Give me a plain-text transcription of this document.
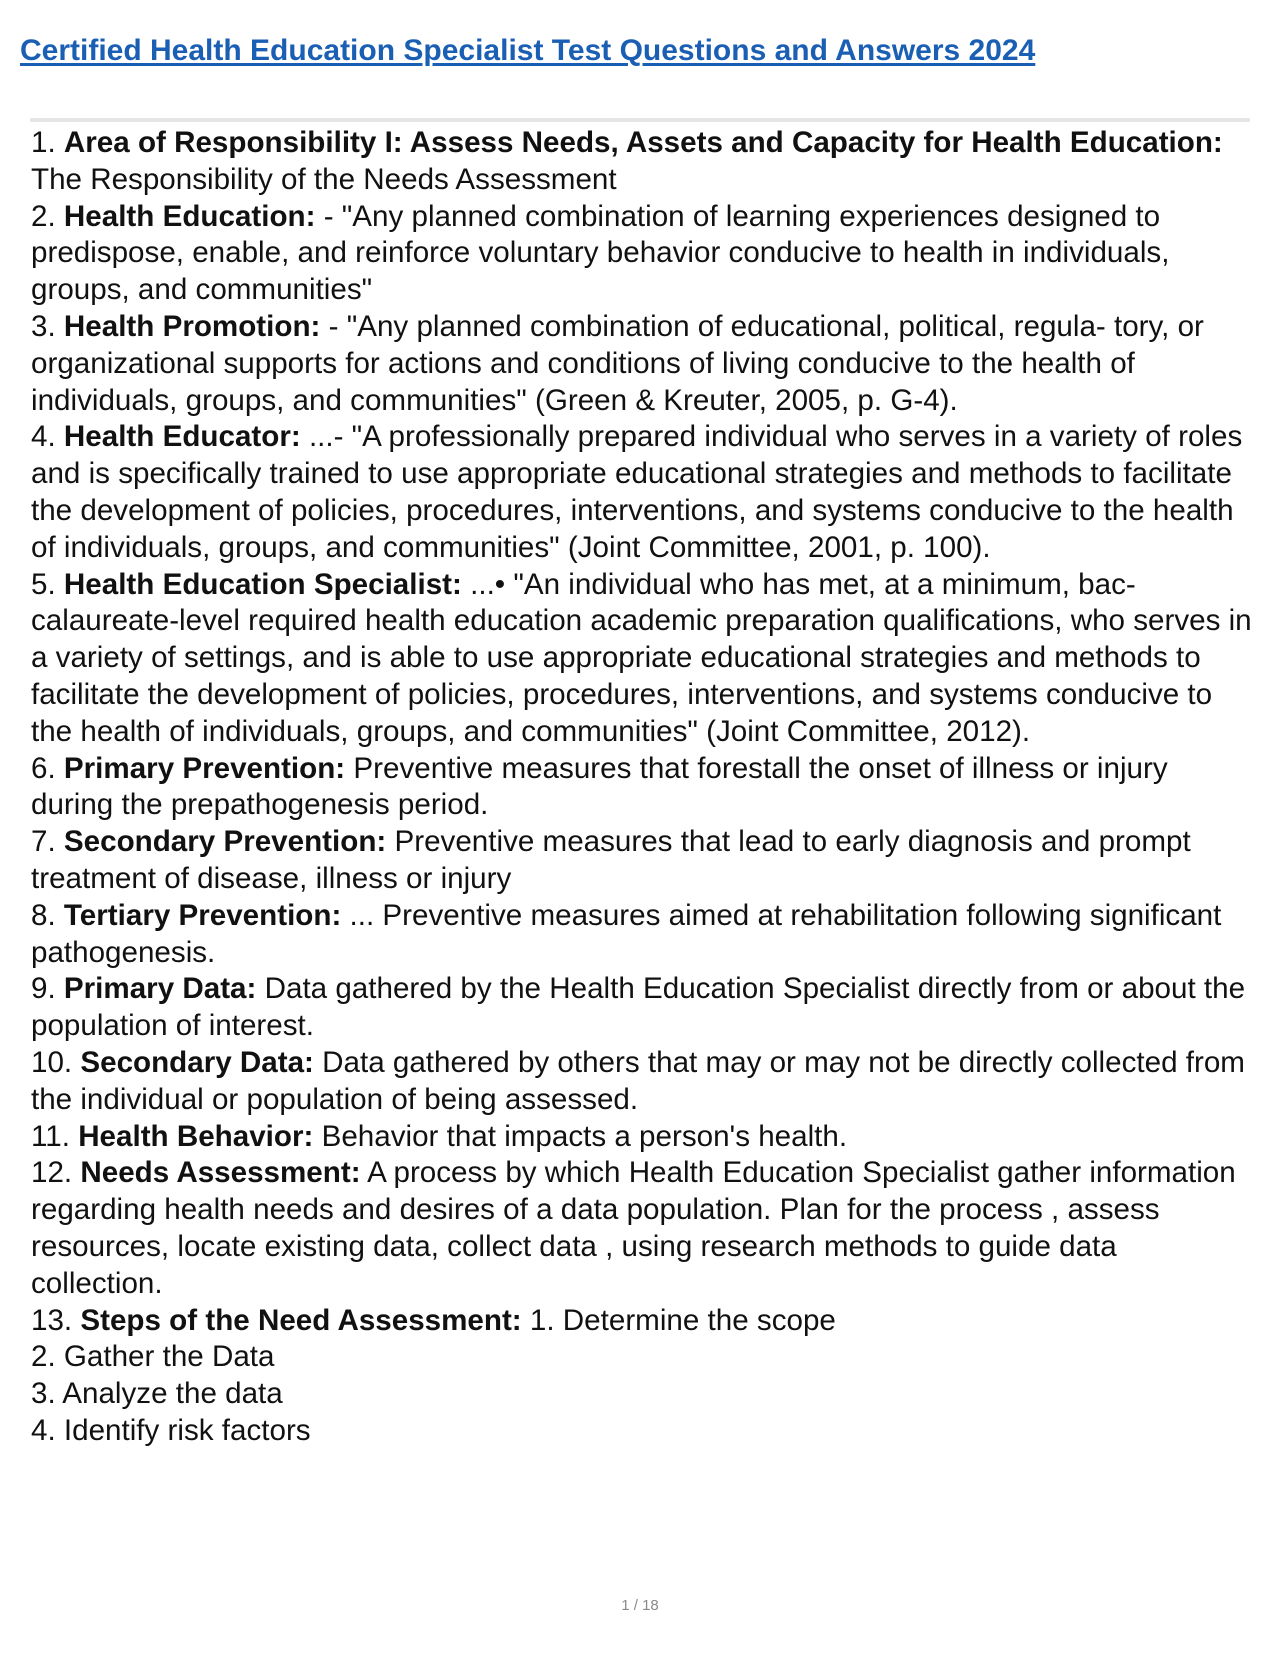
Certified Health Education Specialist Test Questions and Answers 2024
1. Area of Responsibility I: Assess Needs, Assets and Capacity for Health Education: The Responsibility of the Needs Assessment
2. Health Education: - "Any planned combination of learning experiences designed to predispose, enable, and reinforce voluntary behavior conducive to health in individuals, groups, and communities"
3. Health Promotion: - "Any planned combination of educational, political, regula- tory, or organizational supports for actions and conditions of living conducive to the health of individuals, groups, and communities" (Green & Kreuter, 2005, p. G-4).
4. Health Educator: ...- "A professionally prepared individual who serves in a variety of roles and is specifically trained to use appropriate educational strategies and methods to facilitate the development of policies, procedures, interventions, and systems conducive to the health of individuals, groups, and communities" (Joint Committee, 2001, p. 100).
5. Health Education Specialist: ...• "An individual who has met, at a minimum, bac- calaureate-level required health education academic preparation qualifications, who serves in a variety of settings, and is able to use appropriate educational strategies and methods to facilitate the development of policies, procedures, interventions, and systems conducive to the health of individuals, groups, and communities" (Joint Committee, 2012).
6. Primary Prevention: Preventive measures that forestall the onset of illness or injury during the prepathogenesis period.
7. Secondary Prevention: Preventive measures that lead to early diagnosis and prompt treatment of disease, illness or injury
8. Tertiary Prevention: ... Preventive measures aimed at rehabilitation following significant pathogenesis.
9. Primary Data: Data gathered by the Health Education Specialist directly from or about the population of interest.
10. Secondary Data: Data gathered by others that may or may not be directly collected from the individual or population of being assessed.
11. Health Behavior: Behavior that impacts a person's health.
12. Needs Assessment: A process by which Health Education Specialist gather information regarding health needs and desires of a data population. Plan for the process , assess resources, locate existing data, collect data , using research methods to guide data collection.
13. Steps of the Need Assessment: 1. Determine the scope
2. Gather the Data
3. Analyze the data
4. Identify risk factors
1 / 18
